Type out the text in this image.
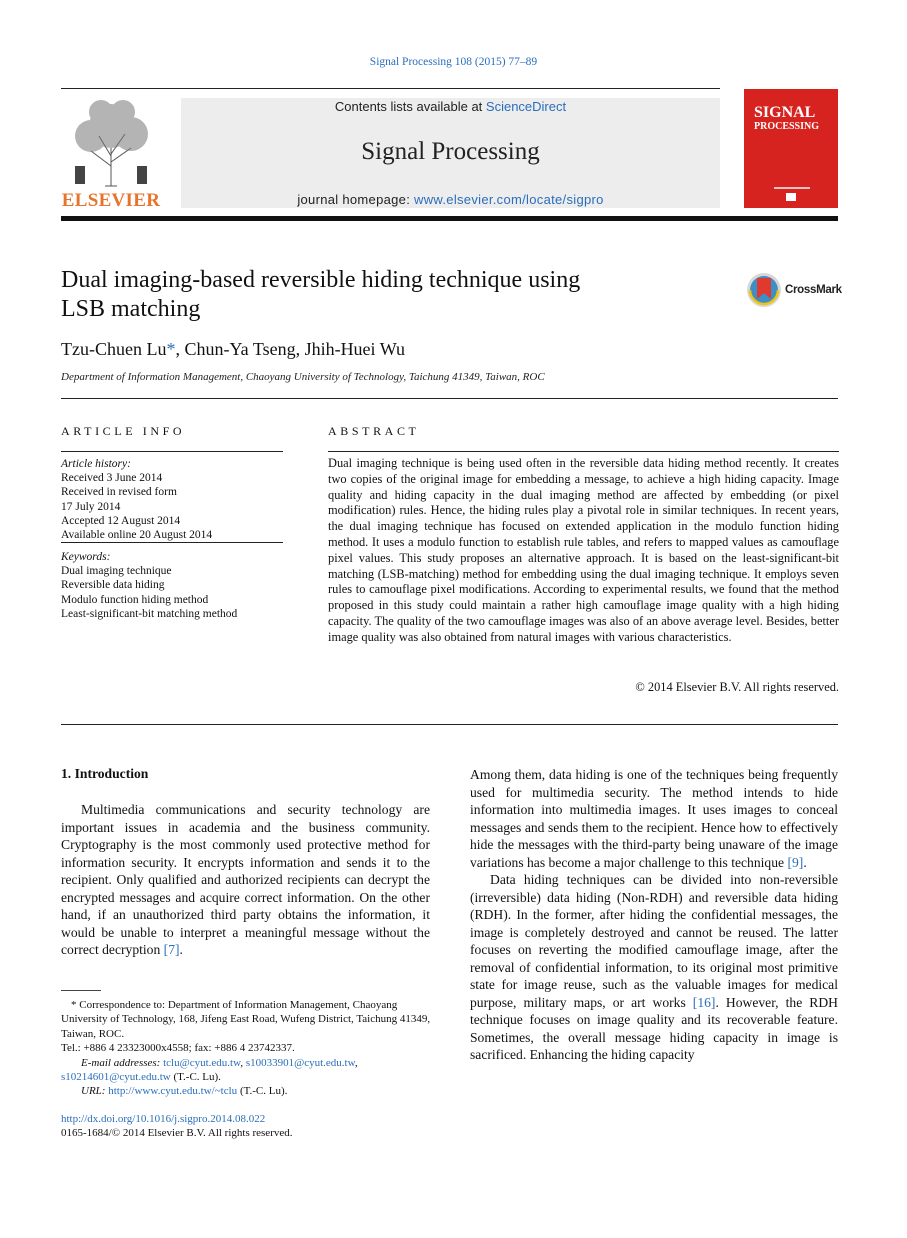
Signal Processing 108 (2015) 77–89
ELSEVIER
Contents lists available at ScienceDirect
Signal Processing
journal homepage: www.elsevier.com/locate/sigpro
SIGNAL
PROCESSING
Dual imaging-based reversible hiding technique using
LSB matching
CrossMark
Tzu-Chuen Lu*, Chun-Ya Tseng, Jhih-Huei Wu
Department of Information Management, Chaoyang University of Technology, Taichung 41349, Taiwan, ROC
ARTICLE INFO
Article history:
Received 3 June 2014
Received in revised form
17 July 2014
Accepted 12 August 2014
Available online 20 August 2014
Keywords:
Dual imaging technique
Reversible data hiding
Modulo function hiding method
Least-significant-bit matching method
ABSTRACT
Dual imaging technique is being used often in the reversible data hiding method recently. It creates two copies of the original image for embedding a message, to achieve a high hiding capacity. Image quality and hiding capacity in the dual imaging method are affected by embedding (or pixel modification) rules. Hence, the hiding rules play a pivotal role in similar techniques. In recent years, the dual imaging technique has focused on extended application in the modulo function hiding method. It uses a modulo function to establish rule tables, and refers to mapped values as camouflage pixel values. This study proposes an alternative approach. It is based on the least-significant-bit matching (LSB-matching) method for embedding using the dual imaging technique. It employs seven rules to camouflage pixel modifications. According to experimental results, we found that the method proposed in this study could maintain a rather high camouflage image quality with a high hiding capacity. The quality of the two camouflage images was also of an above average level. Besides, better image quality was also obtained from natural images with various characteristics.
© 2014 Elsevier B.V. All rights reserved.
1. Introduction

Multimedia communications and security technology are important issues in academia and the business community. Cryptography is the most commonly used protective method for information security. It encrypts information and sends it to the recipient. Only qualified and authorized recipients can decrypt the encrypted messages and acquire correct information. On the other hand, if an unauthorized third party obtains the information, it would be unable to interpret a meaningful message without the correct decryption [7].

Among them, data hiding is one of the techniques being frequently used for multimedia security. The method intends to hide information into multimedia images. It uses images to conceal messages and sends them to the recipient. Hence how to effectively hide the messages with the third-party being unaware of the image variations has become a major challenge to this technique [9].

Data hiding techniques can be divided into non-reversible (irreversible) data hiding (Non-RDH) and reversible data hiding (RDH). In the former, after hiding the confidential messages, the image is completely destroyed and cannot be reused. The latter focuses on reverting the modified camouflage image, after the removal of confidential information, to its original most primitive state for image reuse, such as the valuable images for medical purpose, military maps, or art works [16]. However, the RDH technique focuses on image quality and its recoverable feature. Sometimes, the overall message hiding capacity in image is sacrificed. Enhancing the hiding capacity

* Correspondence to: Department of Information Management, Chaoyang University of Technology, 168, Jifeng East Road, Wufeng District, Taichung 41349, Taiwan, ROC.
Tel.: +886 4 23323000x4558; fax: +886 4 23742337.
E-mail addresses: tclu@cyut.edu.tw, s10033901@cyut.edu.tw,
s10214601@cyut.edu.tw (T.-C. Lu).
URL: http://www.cyut.edu.tw/~tclu (T.-C. Lu).
http://dx.doi.org/10.1016/j.sigpro.2014.08.022
0165-1684/© 2014 Elsevier B.V. All rights reserved.
